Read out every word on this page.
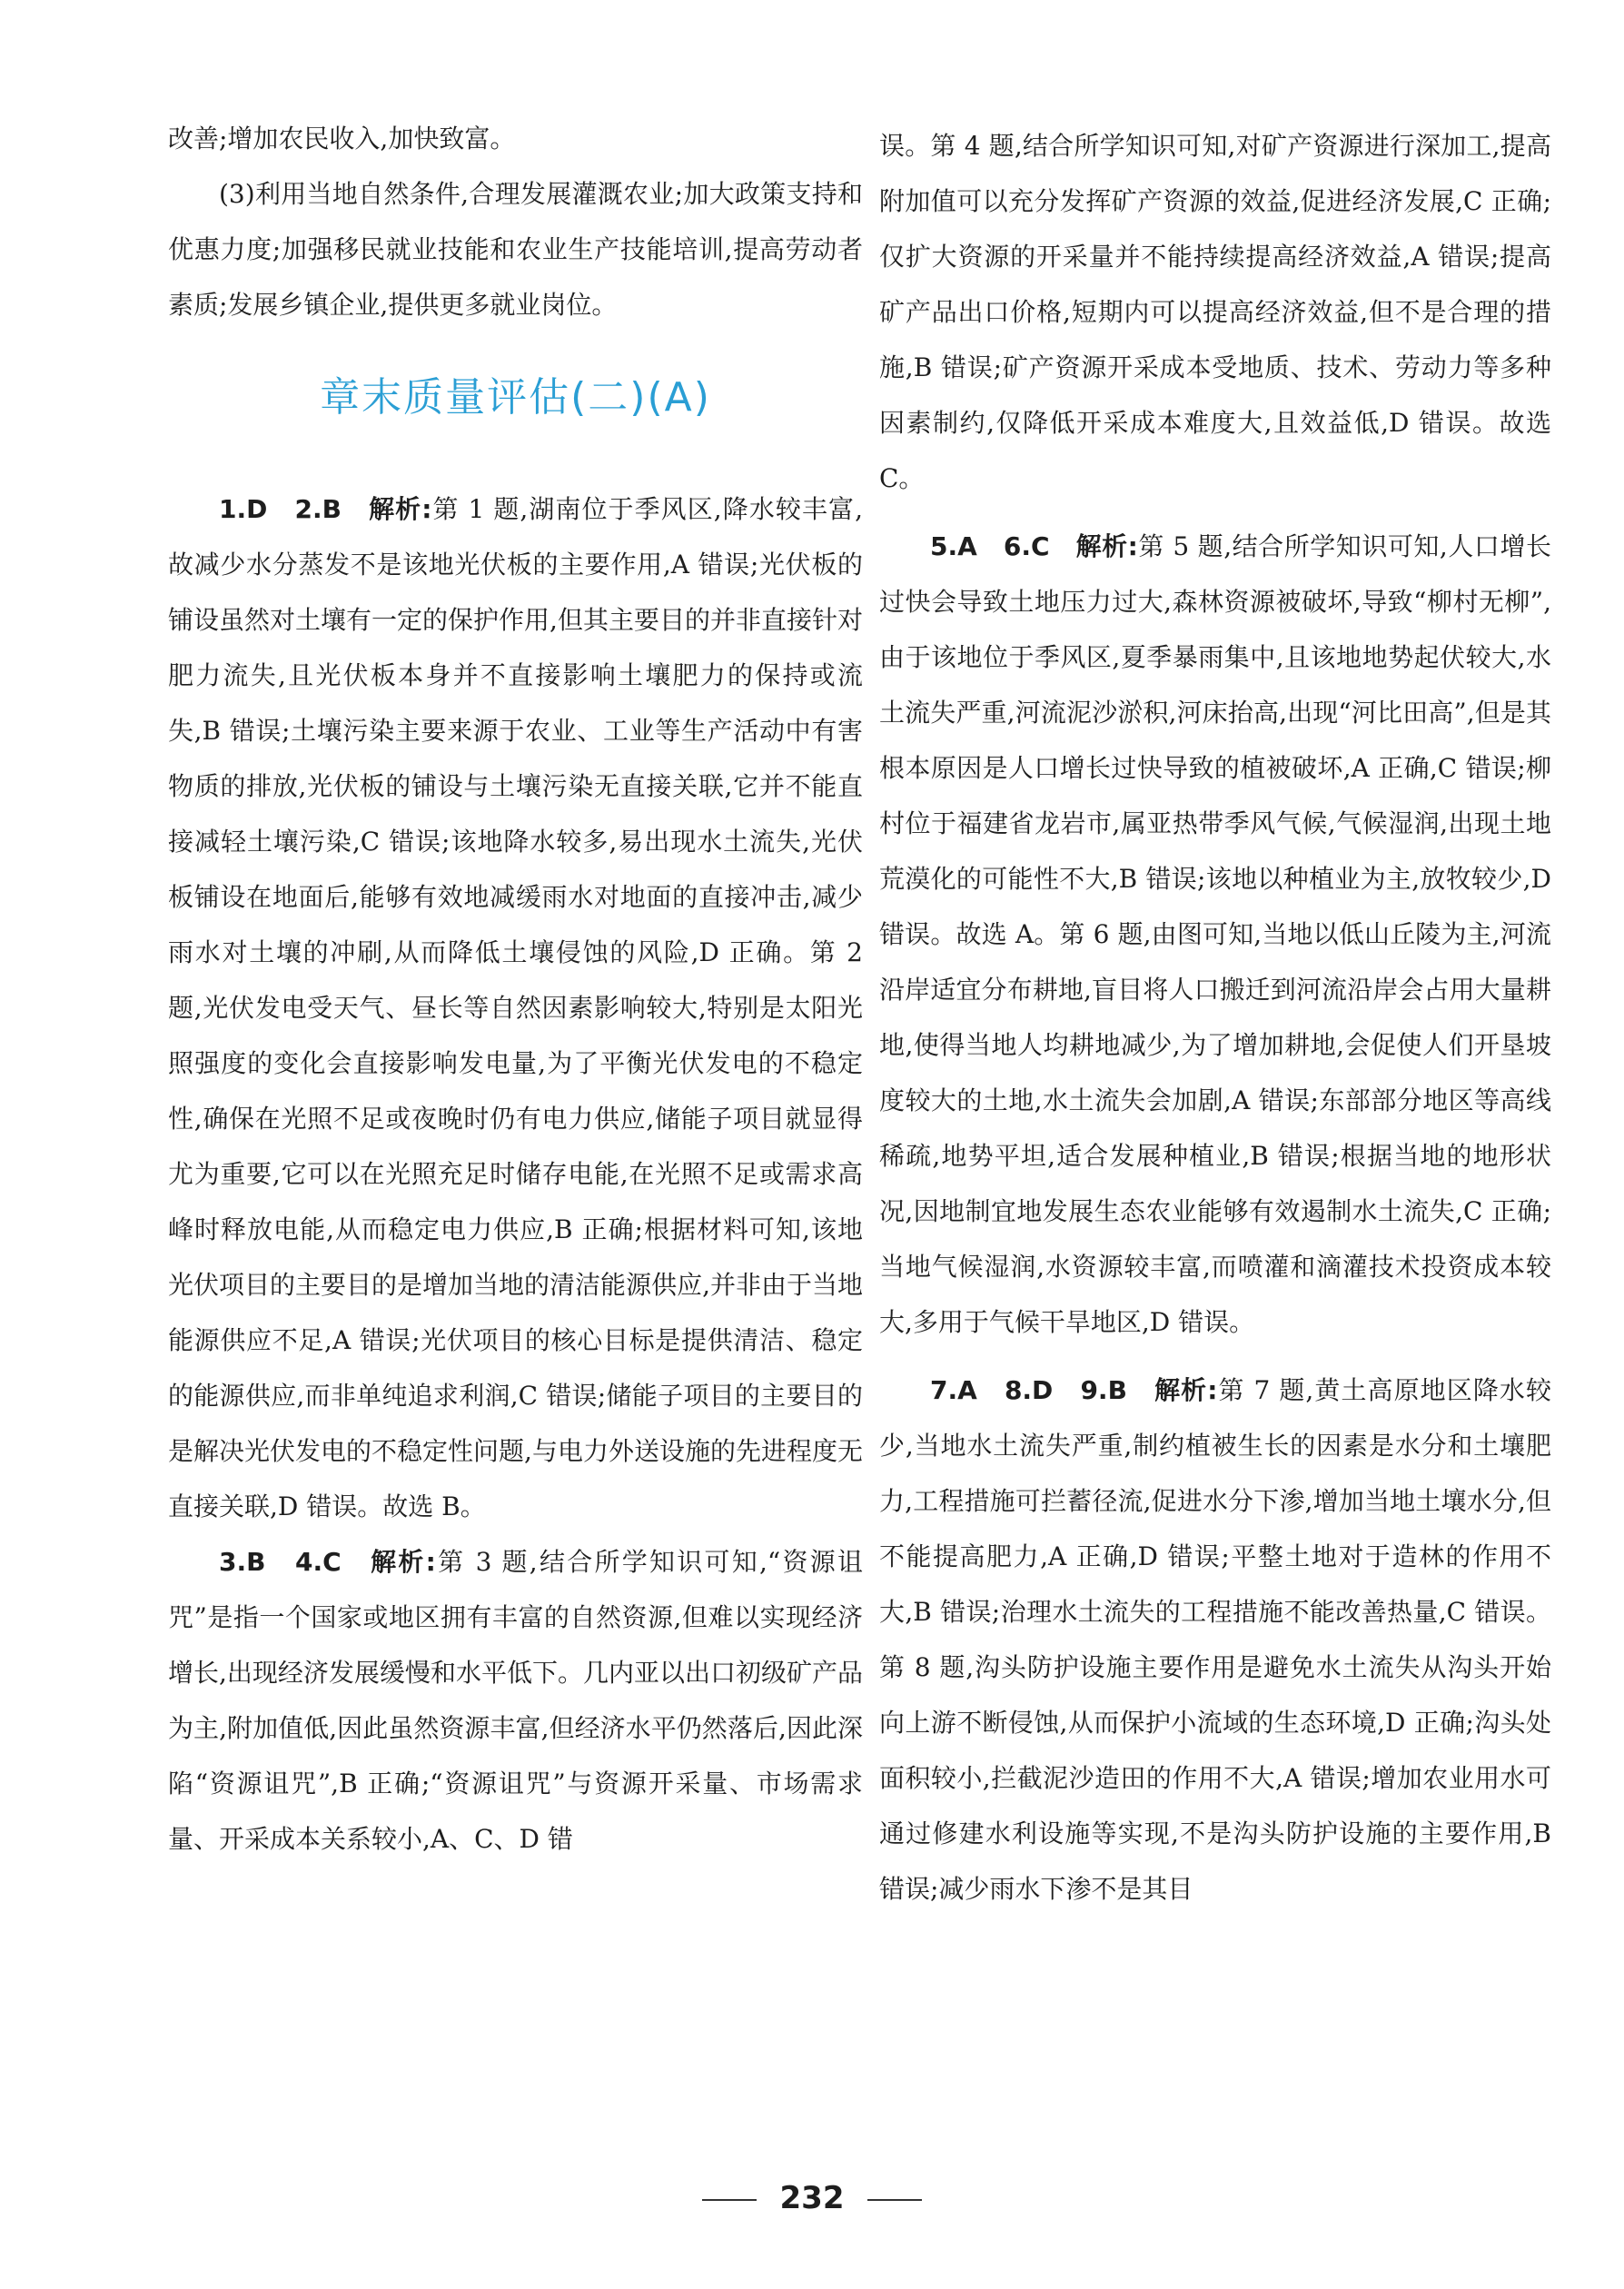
改善;增加农民收入,加快致富。

(3)利用当地自然条件,合理发展灌溉农业;加大政策支持和优惠力度;加强移民就业技能和农业生产技能培训,提高劳动者素质;发展乡镇企业,提供更多就业岗位。

章末质量评估(二)(A)

1.D　2.B　解析:第 1 题,湖南位于季风区,降水较丰富,故减少水分蒸发不是该地光伏板的主要作用,A 错误;光伏板的铺设虽然对土壤有一定的保护作用,但其主要目的并非直接针对肥力流失,且光伏板本身并不直接影响土壤肥力的保持或流失,B 错误;土壤污染主要来源于农业、工业等生产活动中有害物质的排放,光伏板的铺设与土壤污染无直接关联,它并不能直接减轻土壤污染,C 错误;该地降水较多,易出现水土流失,光伏板铺设在地面后,能够有效地减缓雨水对地面的直接冲击,减少雨水对土壤的冲刷,从而降低土壤侵蚀的风险,D 正确。第 2 题,光伏发电受天气、昼长等自然因素影响较大,特别是太阳光照强度的变化会直接影响发电量,为了平衡光伏发电的不稳定性,确保在光照不足或夜晚时仍有电力供应,储能子项目就显得尤为重要,它可以在光照充足时储存电能,在光照不足或需求高峰时释放电能,从而稳定电力供应,B 正确;根据材料可知,该地光伏项目的主要目的是增加当地的清洁能源供应,并非由于当地能源供应不足,A 错误;光伏项目的核心目标是提供清洁、稳定的能源供应,而非单纯追求利润,C 错误;储能子项目的主要目的是解决光伏发电的不稳定性问题,与电力外送设施的先进程度无直接关联,D 错误。故选 B。

3.B　4.C　解析:第 3 题,结合所学知识可知,“资源诅咒”是指一个国家或地区拥有丰富的自然资源,但难以实现经济增长,出现经济发展缓慢和水平低下。几内亚以出口初级矿产品为主,附加值低,因此虽然资源丰富,但经济水平仍然落后,因此深陷“资源诅咒”,B 正确;“资源诅咒”与资源开采量、市场需求量、开采成本关系较小,A、C、D 错

误。第 4 题,结合所学知识可知,对矿产资源进行深加工,提高附加值可以充分发挥矿产资源的效益,促进经济发展,C 正确;仅扩大资源的开采量并不能持续提高经济效益,A 错误;提高矿产品出口价格,短期内可以提高经济效益,但不是合理的措施,B 错误;矿产资源开采成本受地质、技术、劳动力等多种因素制约,仅降低开采成本难度大,且效益低,D 错误。故选 C。

5.A　6.C　解析:第 5 题,结合所学知识可知,人口增长过快会导致土地压力过大,森林资源被破坏,导致“柳村无柳”,由于该地位于季风区,夏季暴雨集中,且该地地势起伏较大,水土流失严重,河流泥沙淤积,河床抬高,出现“河比田高”,但是其根本原因是人口增长过快导致的植被破坏,A 正确,C 错误;柳村位于福建省龙岩市,属亚热带季风气候,气候湿润,出现土地荒漠化的可能性不大,B 错误;该地以种植业为主,放牧较少,D 错误。故选 A。第 6 题,由图可知,当地以低山丘陵为主,河流沿岸适宜分布耕地,盲目将人口搬迁到河流沿岸会占用大量耕地,使得当地人均耕地减少,为了增加耕地,会促使人们开垦坡度较大的土地,水土流失会加剧,A 错误;东部部分地区等高线稀疏,地势平坦,适合发展种植业,B 错误;根据当地的地形状况,因地制宜地发展生态农业能够有效遏制水土流失,C 正确;当地气候湿润,水资源较丰富,而喷灌和滴灌技术投资成本较大,多用于气候干旱地区,D 错误。

7.A　8.D　9.B　解析:第 7 题,黄土高原地区降水较少,当地水土流失严重,制约植被生长的因素是水分和土壤肥力,工程措施可拦蓄径流,促进水分下渗,增加当地土壤水分,但不能提高肥力,A 正确,D 错误;平整土地对于造林的作用不大,B 错误;治理水土流失的工程措施不能改善热量,C 错误。第 8 题,沟头防护设施主要作用是避免水土流失从沟头开始向上游不断侵蚀,从而保护小流域的生态环境,D 正确;沟头处面积较小,拦截泥沙造田的作用不大,A 错误;增加农业用水可通过修建水利设施等实现,不是沟头防护设施的主要作用,B 错误;减少雨水下渗不是其目

232
